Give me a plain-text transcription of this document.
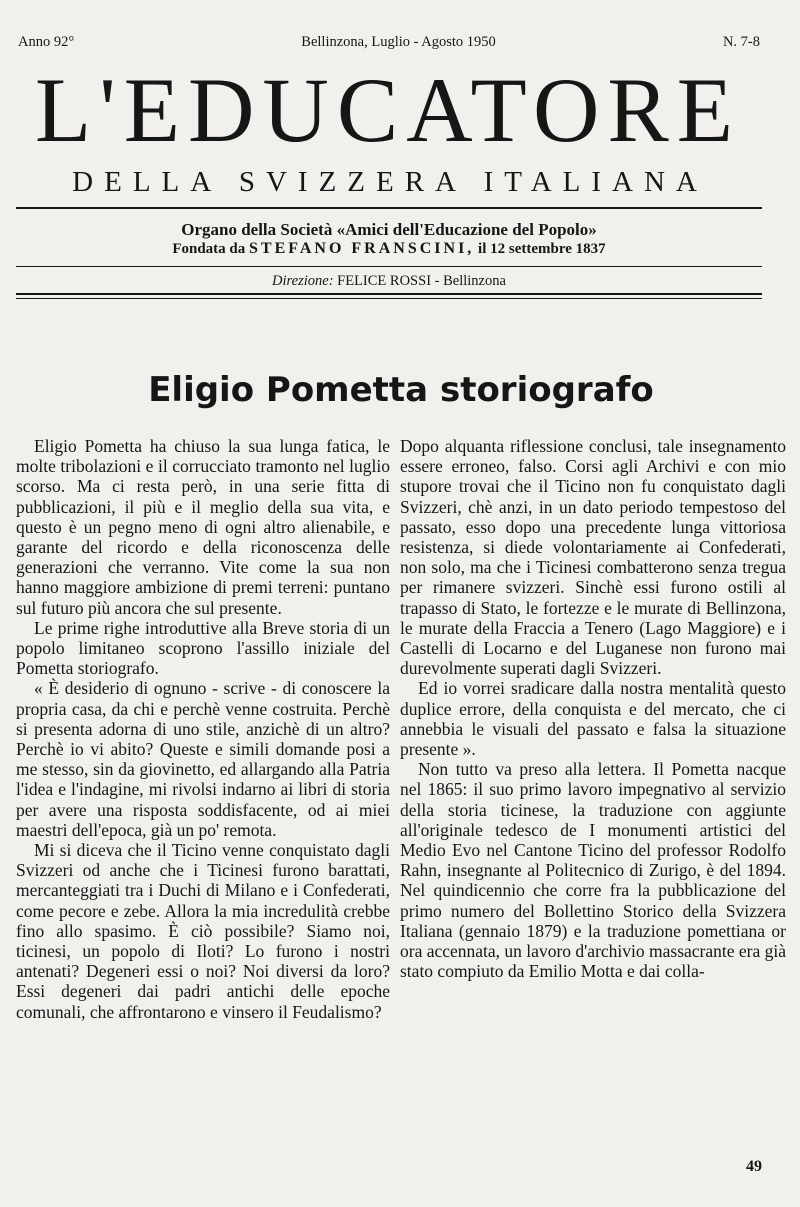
Anno 92°	Bellinzona, Luglio - Agosto 1950	N. 7-8
L'EDUCATORE
DELLA SVIZZERA ITALIANA
Organo della Società «Amici dell'Educazione del Popolo»
Fondata da STEFANO FRANSCINI, il 12 settembre 1837
Direzione: FELICE ROSSI - Bellinzona
Eligio Pometta storiografo

Eligio Pometta ha chiuso la sua lunga fatica, le molte tribolazioni e il corrucciato tramonto nel luglio scorso. Ma ci resta però, in una serie fitta di pubblicazioni, il più e il meglio della sua vita, e questo è un pegno meno di ogni altro alienabile, e garante del ricordo e della riconoscenza delle generazioni che verranno. Vite come la sua non hanno maggiore ambizione di premi terreni: puntano sul futuro più ancora che sul presente.

Le prime righe introduttive alla Breve storia di un popolo limitaneo scoprono l'assillo iniziale del Pometta storiografo.

« È desiderio di ognuno - scrive - di conoscere la propria casa, da chi e perchè venne costruita. Perchè si presenta adorna di uno stile, anzichè di un altro? Perchè io vi abito? Queste e simili domande posi a me stesso, sin da giovinetto, ed allargando alla Patria l'idea e l'indagine, mi rivolsi indarno ai libri di storia per avere una risposta soddisfacente, od ai miei maestri dell'epoca, già un po' remota.

Mi si diceva che il Ticino venne conquistato dagli Svizzeri od anche che i Ticinesi furono barattati, mercanteggiati tra i Duchi di Milano e i Confederati, come pecore e zebe. Allora la mia incredulità crebbe fino allo spasimo. È ciò possibile? Siamo noi, ticinesi, un popolo di Iloti? Lo furono i nostri antenati? Degeneri essi o noi? Noi diversi da loro? Essi degeneri dai padri antichi delle epoche comunali, che affrontarono e vinsero il Feudalismo?

Dopo alquanta riflessione conclusi, tale insegnamento essere erroneo, falso. Corsi agli Archivi e con mio stupore trovai che il Ticino non fu conquistato dagli Svizzeri, chè anzi, in un dato periodo tempestoso del passato, esso dopo una precedente lunga vittoriosa resistenza, si diede volontariamente ai Confederati, non solo, ma che i Ticinesi combatterono senza tregua per rimanere svizzeri. Sinchè essi furono ostili al trapasso di Stato, le fortezze e le murate di Bellinzona, le murate della Fraccia a Tenero (Lago Maggiore) e i Castelli di Locarno e del Luganese non furono mai durevolmente superati dagli Svizzeri.

Ed io vorrei sradicare dalla nostra mentalità questo duplice errore, della conquista e del mercato, che ci annebbia le visuali del passato e falsa la situazione presente ».

Non tutto va preso alla lettera. Il Pometta nacque nel 1865: il suo primo lavoro impegnativo al servizio della storia ticinese, la traduzione con aggiunte all'originale tedesco de I monumenti artistici del Medio Evo nel Cantone Ticino del professor Rodolfo Rahn, insegnante al Politecnico di Zurigo, è del 1894. Nel quindicennio che corre fra la pubblicazione del primo numero del Bollettino Storico della Svizzera Italiana (gennaio 1879) e la traduzione pomettiana or ora accennata, un lavoro d'archivio massacrante era già stato compiuto da Emilio Motta e dai colla-

49
